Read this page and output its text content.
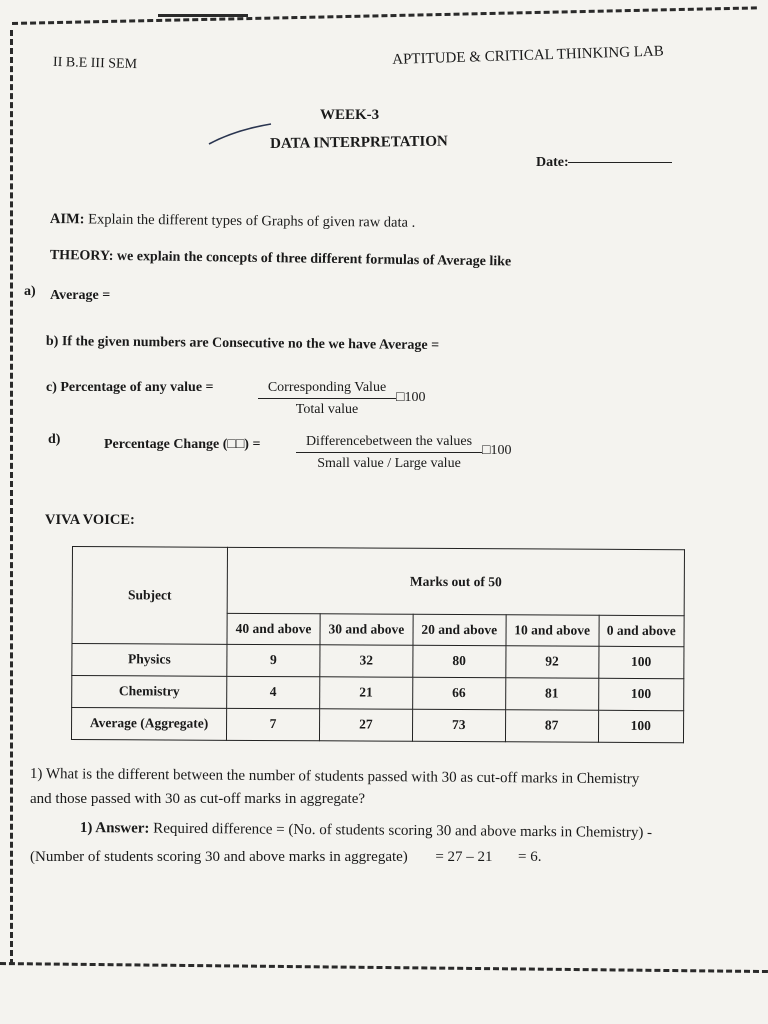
II B.E III SEM	APTITUDE & CRITICAL THINKING LAB
WEEK-3
DATA INTERPRETATION
Date:
AIM: Explain the different types of Graphs of given raw data .
THEORY: we explain the concepts of three different formulas of Average like
a) Average =
b) If the given numbers are Consecutive no the we have Average =
c) Percentage of any value =	Corresponding Value
Total value
□100
d)	Percentage Change (□□) =	Differencebetween the values
Small value / Large value
□100
VIVA VOICE:
Subject	Marks out of 50				
	40 and above	30 and above	20 and above	10 and above	0 and above
Physics	9	32	80	92	100
Chemistry	4	21	66	81	100
Average (Aggregate)	7	27	73	87	100
1) What is the different between the number of students passed with 30 as cut-off marks in Chemistry
and those passed with 30 as cut-off marks in aggregate?
1) Answer: Required difference = (No. of students scoring 30 and above marks in Chemistry) -
(Number of students scoring 30 and above marks in aggregate) = 27 – 21 = 6.
